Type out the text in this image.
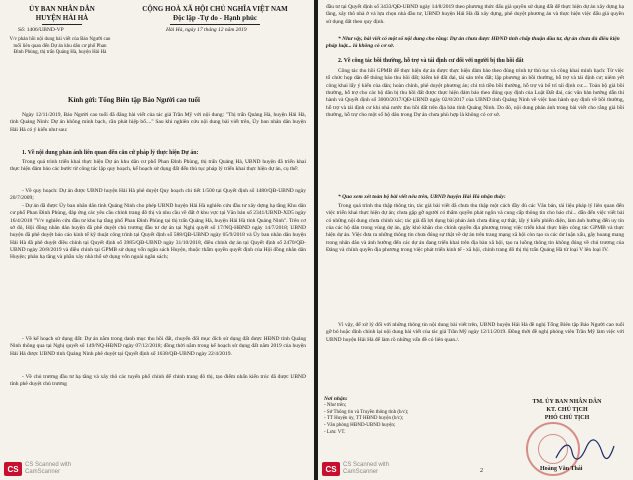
ỦY BAN NHÂN DÂN
HUYỆN HẢI HÀ
CỘNG HOÀ XÃ HỘI CHỦ NGHĨA VIỆT NAM
Độc lập -Tự do - Hạnh phúc
Số: 1406/UBND-VP	Hải Hà, ngày 17 tháng 12 năm 2019
V/v phản hồi nội dung bài viết của Báo Người cao tuổi liên quan đến Dự án khu dân cư phố Phan Đình Phùng, thị trấn Quảng Hà, huyện Hải Hà
Kính gửi: Tổng Biên tập Báo Người cao tuổi

Ngày 12/11/2019, Báo Người cao tuổi đã đăng bài viết của tác giả Trần Mỹ với nội dung: "Thị trấn Quảng Hà, huyện Hải Hà, tỉnh Quảng Ninh: Dự án không minh bạch, cần phát hiệp bổ...." Sau khi nghiên cứu nội dung bài viết trên, Ủy ban nhân dân huyện Hải Hà có ý kiến như sau:

1. Về nội dung phản ánh liên quan đến căn cứ pháp lý thực hiện Dự án:

Trong quá trình triển khai thực hiện Dự án khu dân cư phố Phan Đình Phùng, thị trấn Quảng Hà, UBND huyện đã triển khai thực hiện đảm bảo các bước từ công tác lập quy hoạch, kế hoạch sử dụng đất đến thủ tục pháp lý triển khai thực hiện dự án, cụ thể:

- Về quy hoạch: Dự án được UBND huyện Hải Hà phê duyệt Quy hoạch chi tiết 1/500 tại Quyết định số 1480/QĐ-UBND ngày 20/7/2009;

- Dự án đã được Ủy ban nhân dân tỉnh Quảng Ninh cho phép UBND huyện Hải Hà nghiên cứu đầu tư xây dựng hạ tầng Khu dân cư phố Phan Đình Phùng, đáp ứng các yêu cầu chỉnh trang đô thị và nhu cầu về đất ở khu vực tại Văn bản số 2341/UBND-XD5 ngày 16/4/2018 "V/v nghiên cứu đầu tư khu hạ tầng phố Phan Đình Phùng tại thị trấn Quảng Hà, huyện Hải Hà tỉnh Quảng Ninh". Trên cơ sở đó, Hội đồng nhân dân huyện đã phê duyệt chủ trương đầu tư dự án tại Nghị quyết số 17/NQ-HĐND ngày 14/7/2018; UBND huyện đã phê duyệt báo cáo kinh tế kỹ thuật công trình tại Quyết định số 588/QĐ-UBND ngày 05/9/2018 và Ủy ban nhân dân huyện Hải Hà đã phê duyệt điều chỉnh tại Quyết định số 3985/QĐ-UBND ngày 31/10/2018, điều chỉnh dự án tại Quyết định số 2470/QĐ-UBND ngày 20/8/2019 và điều chỉnh tại GPMB sử dụng vốn ngân sách Huyện, thuộc thẩm quyền quyết định của Hội đồng nhân dân Huyện; phân hạ tầng và phần xây nhà thổ sở dụng vốn ngoài ngân sách;

- Về kế hoạch sử dụng đất: Dự án nằm trong danh mục thu hồi đất, chuyển đổi mục đích sử dụng đất được HĐND tỉnh Quảng Ninh thông qua tại Nghị quyết số 149/NQ-HĐND ngày 07/12/2018; đồng thời nằm trong kế hoạch sử dụng đất năm 2019 của huyện Hải Hà được UBND tỉnh Quảng Ninh phê duyệt tại Quyết định số 1638/QĐ-UBND ngày 22/4/2019.

- Về chủ trương đầu tư hạ tầng và xây thô các tuyến phố chính để chỉnh trang đô thị, tạo điểm nhấn kiến trúc đã được UBND tỉnh phê duyệt chủ trương

CS	CS Scanned with
CamScanner

đầu tư tại Quyết định số 3433/QĐ-UBND ngày 14/8/2019 theo phương thức đấu giá quyền sử dụng đất để thực hiện dự án xây dựng hạ tầng, xây thô nhà ở và lựa chọn nhà đầu tư, UBND huyện Hải Hà đã xây dựng, phê duyệt phương án và thực hiện việc đấu giá quyền sử dụng đất theo quy định.

* Như vậy, bài viết có một số nội dung cho rằng: Dự án chưa được HĐND tỉnh chấp thuận đầu tư, dự án chưa đủ điều kiện pháp luật... là không có cơ sở.

2. Về công tác bồi thường, hỗ trợ và tái định cư đối với người bị thu hồi đất

Công tác thu hồi GPMB để thực hiện dự án được thực hiện đảm bảo theo đúng trình tự thủ tục và công khai minh bạch: Từ việc tổ chức họp dân để thông báo thu hồi đất; kiểm kê đất đai, tài sản trên đất; lập phương án bồi thường, hỗ trợ và tái định cư; niêm yết công khai lấy ý kiến của dân; hoàn chỉnh, phê duyệt phương án; chi trả tiền bồi thường, hỗ trợ và bố trí tái định cư.... Toàn bộ giá bồi thường, hỗ trợ cho các hộ dân bị thu hồi đất được thực hiện đảm bảo theo đúng quy định của Luật Đất đai, các văn bản hướng dẫn thi hành và Quyết định số 3000/2017/QĐ-UBND ngày 02/8/2017 của UBND tỉnh Quảng Ninh về việc ban hành quy định về bồi thường, hỗ trợ và tái định cư khi nhà nước thu hồi đất trên địa bàn tỉnh Quảng Ninh. Do đó, nội dung phản ánh trong bài viết cho rằng giá bồi thường, hỗ trợ cho một số hộ dân trong Dự án chưa phù hợp là không có cơ sở.

* Qua xem xét toàn bộ bài viết nêu trên, UBND huyện Hải Hà nhận thấy:

Trong quá trình thu thập thông tin, tác giả bài viết đã chưa thu thập một cách đầy đủ các Văn bản, tài liệu pháp lý liên quan đến việc triển khai thực hiện dự án; chưa gặp gỡ người có thẩm quyền phát ngôn và cung cấp thông tin cho báo chí... dẫn đến việc viết bài có những nội dung chưa chính xác; tác giả đã lợi dụng bài phản ánh chưa đúng sự thật, lấy ý kiến phiến diện, làm ảnh hưởng đến uy tín của các hộ dân trong vùng dự án, gây khó khăn cho chính quyền địa phương trong việc triển khai thực hiện công tác GPMB và thực hiện dự án. Việc đưa ra những thông tin chưa đúng sự thật về dự án trên trang mạng xã hội còn tạo ra các dư luận xấu, gây hoang mang trong nhân dân và ảnh hưởng đến các dự án đang triển khai trên địa bàn xã hội, tạo ra luồng thông tin không đúng về chủ trương của Đảng và chính quyền địa phương trong việc phát triển kinh tế - xã hội, chỉnh trang đô thị thị trấn Quảng Hà từ loại V lên loại IV.

Vì vậy, để xử lý đối với những thông tin nội dung bài viết trên, UBND huyện Hải Hà đề nghị Tổng Biên tập Báo Người cao tuổi gỡ bỏ hoặc đính chính lại nội dung bài viết của tác giả Trần Mỹ ngày 12/11/2019. Đồng thời đề nghị phóng viên Trần Mỹ làm việc với UBND huyện Hải Hà để làm rõ những vấn đề có liên quan./.

Nơi nhận:
- Như trên;
- Sở Thông tin và Truyền thông tỉnh (b/c);
- TT Huyện ủy, TT HĐND huyện (b/c);
- Văn phòng HĐND-UBND huyện;
- Lưu: VT.
TM. ỦY BAN NHÂN DÂN
KT. CHỦ TỊCH
PHÓ CHỦ TỊCH
Hoàng Văn Thái
2
CS	CS Scanned with
CamScanner
